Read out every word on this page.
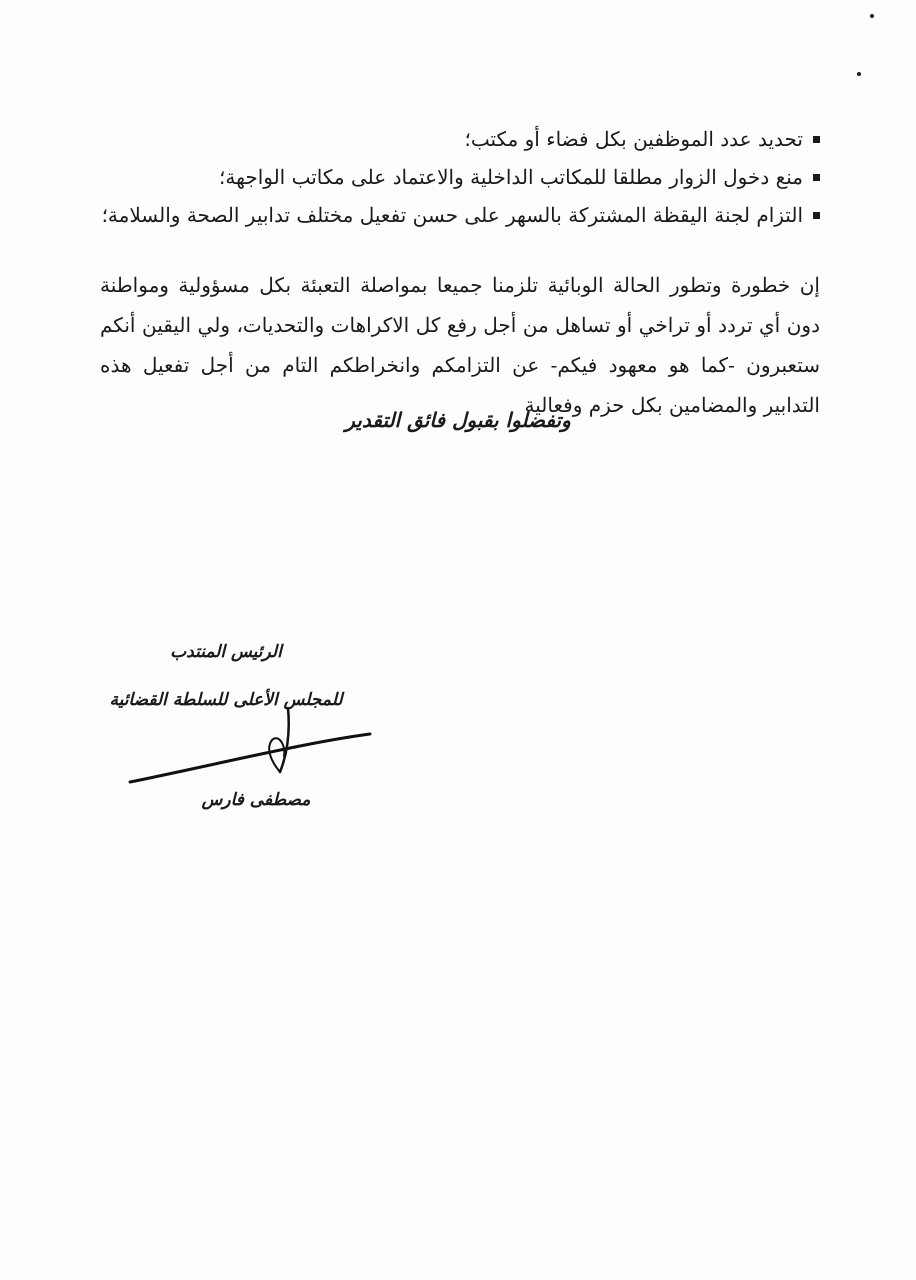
تحديد عدد الموظفين بكل فضاء أو مكتب؛
منع دخول الزوار مطلقا للمكاتب الداخلية والاعتماد على مكاتب الواجهة؛
التزام لجنة اليقظة المشتركة بالسهر على حسن تفعيل مختلف تدابير الصحة والسلامة؛

إن خطورة وتطور الحالة الوبائية تلزمنا جميعا بمواصلة التعبئة بكل مسؤولية ومواطنة دون أي تردد أو تراخي أو تساهل من أجل رفع كل الاكراهات والتحديات، ولي اليقين أنكم ستعبرون -كما هو معهود فيكم- عن التزامكم وانخراطكم التام من أجل تفعيل هذه التدابير والمضامين بكل حزم وفعالية

وتفضلوا بقبول فائق التقدير

الرئيس المنتدب
للمجلس الأعلى للسلطة القضائية
مصطفى فارس
